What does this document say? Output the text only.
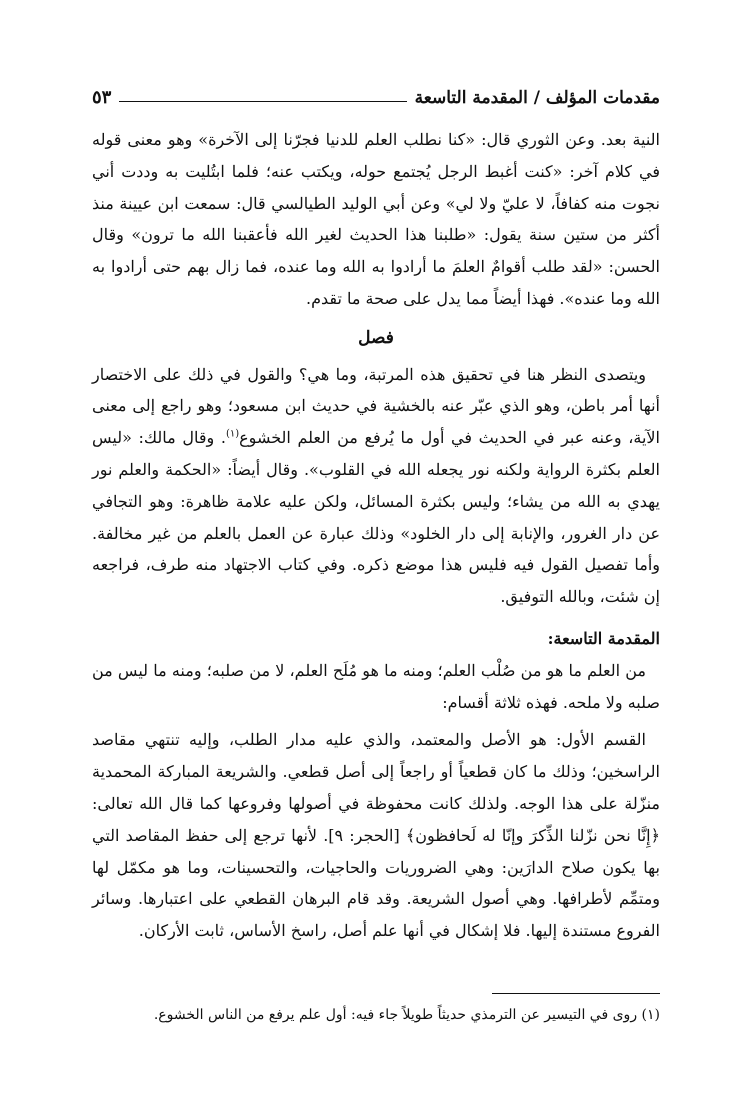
مقدمات المؤلف / المقدمة التاسعة
٥٣

النية بعد. وعن الثوري قال: «كنا نطلب العلم للدنيا فجرّنا إلى الآخرة» وهو معنى قوله في كلام آخر: «كنت أغبط الرجل يُجتمع حوله، ويكتب عنه؛ فلما ابتُليت به وددت أني نجوت منه كفافاً، لا عليّ ولا لي» وعن أبي الوليد الطيالسي قال: سمعت ابن عيينة منذ أكثر من ستين سنة يقول: «طلبنا هذا الحديث لغير الله فأعقبنا الله ما ترون» وقال الحسن: «لقد طلب أقوامٌ العلمَ ما أرادوا به الله وما عنده، فما زال بهم حتى أرادوا به الله وما عنده». فهذا أيضاً مما يدل على صحة ما تقدم.

فصل

ويتصدى النظر هنا في تحقيق هذه المرتبة، وما هي؟ والقول في ذلك على الاختصار أنها أمر باطن، وهو الذي عبّر عنه بالخشية في حديث ابن مسعود؛ وهو راجع إلى معنى الآية، وعنه عبر في الحديث في أول ما يُرفع من العلم الخشوع$^{(١)}$. وقال مالك: «ليس العلم بكثرة الرواية ولكنه نور يجعله الله في القلوب». وقال أيضاً: «الحكمة والعلم نور يهدي به الله من يشاء؛ وليس بكثرة المسائل، ولكن عليه علامة ظاهرة: وهو التجافي عن دار الغرور، والإنابة إلى دار الخلود» وذلك عبارة عن العمل بالعلم من غير مخالفة. وأما تفصيل القول فيه فليس هذا موضع ذكره. وفي كتاب الاجتهاد منه طرف، فراجعه إن شئت، وبالله التوفيق.

المقدمة التاسعة:

من العلم ما هو من صُلْب العلم؛ ومنه ما هو مُلَح العلم، لا من صلبه؛ ومنه ما ليس من صلبه ولا ملحه. فهذه ثلاثة أقسام:

القسم الأول: هو الأصل والمعتمد، والذي عليه مدار الطلب، وإليه تنتهي مقاصد الراسخين؛ وذلك ما كان قطعياً أو راجعاً إلى أصل قطعي. والشريعة المباركة المحمدية منزّلة على هذا الوجه. ولذلك كانت محفوظة في أصولها وفروعها كما قال الله تعالى: ﴿إِنَّا نحن نزّلنا الذِّكرَ وإنّا له لَحافظون﴾ [الحجر: ٩]. لأنها ترجع إلى حفظ المقاصد التي بها يكون صلاح الدارَين: وهي الضروريات والحاجيات، والتحسينات، وما هو مكمّل لها ومتمِّم لأطرافها. وهي أصول الشريعة. وقد قام البرهان القطعي على اعتبارها. وسائر الفروع مستندة إليها. فلا إشكال في أنها علم أصل، راسخ الأساس، ثابت الأركان.

(١) روى في التيسير عن الترمذي حديثاً طويلاً جاء فيه: أول علم يرفع من الناس الخشوع.
